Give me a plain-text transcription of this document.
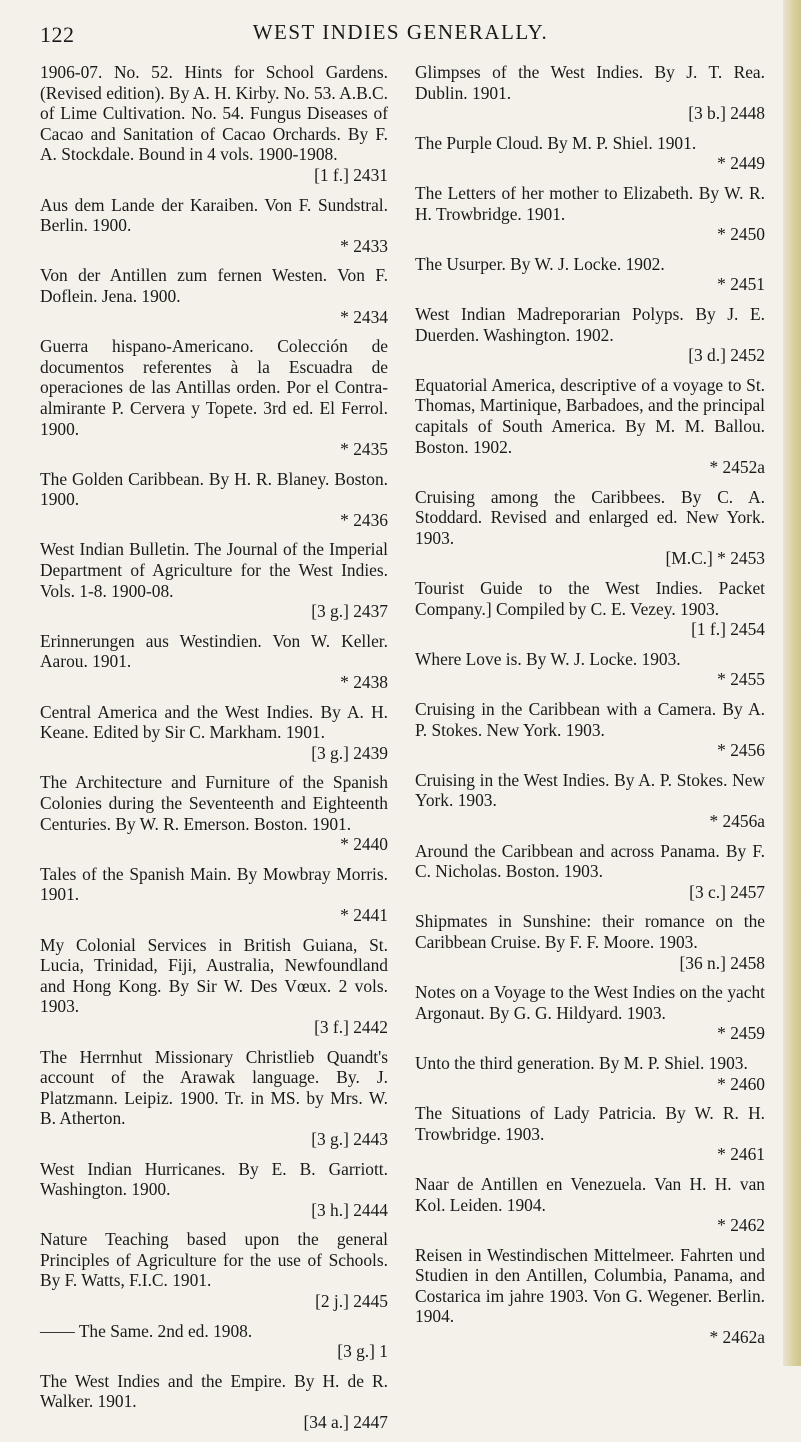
122	WEST INDIES GENERALLY.
1906-07. No. 52. Hints for School Gardens. (Revised edition). By A. H. Kirby. No. 53. A.B.C. of Lime Cultivation. No. 54. Fungus Diseases of Cacao and Sanitation of Cacao Orchards. By F. A. Stockdale. Bound in 4 vols. 1900-1908.
[1 f.] 2431
Aus dem Lande der Karaiben. Von F. Sundstral. Berlin. 1900.
* 2433
Von der Antillen zum fernen Westen. Von F. Doflein. Jena. 1900.
* 2434
Guerra hispano-Americano. Colección de documentos referentes à la Escuadra de operaciones de las Antillas orden. Por el Contra-almirante P. Cervera y Topete. 3rd ed. El Ferrol. 1900.
* 2435
The Golden Caribbean. By H. R. Blaney. Boston. 1900.
* 2436
West Indian Bulletin. The Journal of the Imperial Department of Agriculture for the West Indies. Vols. 1-8. 1900-08.
[3 g.] 2437
Erinnerungen aus Westindien. Von W. Keller. Aarou. 1901.
* 2438
Central America and the West Indies. By A. H. Keane. Edited by Sir C. Markham. 1901.
[3 g.] 2439
The Architecture and Furniture of the Spanish Colonies during the Seventeenth and Eighteenth Centuries. By W. R. Emerson. Boston. 1901.
* 2440
Tales of the Spanish Main. By Mowbray Morris. 1901.
* 2441
My Colonial Services in British Guiana, St. Lucia, Trinidad, Fiji, Australia, Newfoundland and Hong Kong. By Sir W. Des Vœux. 2 vols. 1903.
[3 f.] 2442
The Herrnhut Missionary Christlieb Quandt's account of the Arawak language. By. J. Platzmann. Leipiz. 1900. Tr. in MS. by Mrs. W. B. Atherton.
[3 g.] 2443
West Indian Hurricanes. By E. B. Garriott. Washington. 1900.
[3 h.] 2444
Nature Teaching based upon the general Principles of Agriculture for the use of Schools. By F. Watts, F.I.C. 1901.
[2 j.] 2445
—— The Same. 2nd ed. 1908.
[3 g.] 1
The West Indies and the Empire. By H. de R. Walker. 1901.
[34 a.] 2447
Glimpses of the West Indies. By J. T. Rea. Dublin. 1901.
[3 b.] 2448
The Purple Cloud. By M. P. Shiel. 1901.
* 2449
The Letters of her mother to Elizabeth. By W. R. H. Trowbridge. 1901.
* 2450
The Usurper. By W. J. Locke. 1902.
* 2451
West Indian Madreporarian Polyps. By J. E. Duerden. Washington. 1902.
[3 d.] 2452
Equatorial America, descriptive of a voyage to St. Thomas, Martinique, Barbadoes, and the principal capitals of South America. By M. M. Ballou. Boston. 1902.
* 2452a
Cruising among the Caribbees. By C. A. Stoddard. Revised and enlarged ed. New York. 1903.
[M.C.] * 2453
Tourist Guide to the West Indies. Packet Company.] Compiled by C. E. Vezey. 1903.
[1 f.] 2454
Where Love is. By W. J. Locke. 1903.
* 2455
Cruising in the Caribbean with a Camera. By A. P. Stokes. New York. 1903.
* 2456
Cruising in the West Indies. By A. P. Stokes. New York. 1903.
* 2456a
Around the Caribbean and across Panama. By F. C. Nicholas. Boston. 1903.
[3 c.] 2457
Shipmates in Sunshine: their romance on the Caribbean Cruise. By F. F. Moore. 1903.
[36 n.] 2458
Notes on a Voyage to the West Indies on the yacht Argonaut. By G. G. Hildyard. 1903.
* 2459
Unto the third generation. By M. P. Shiel. 1903.
* 2460
The Situations of Lady Patricia. By W. R. H. Trowbridge. 1903.
* 2461
Naar de Antillen en Venezuela. Van H. H. van Kol. Leiden. 1904.
* 2462
Reisen in Westindischen Mittelmeer. Fahrten und Studien in den Antillen, Columbia, Panama, and Costarica im jahre 1903. Von G. Wegener. Berlin. 1904.
* 2462a
